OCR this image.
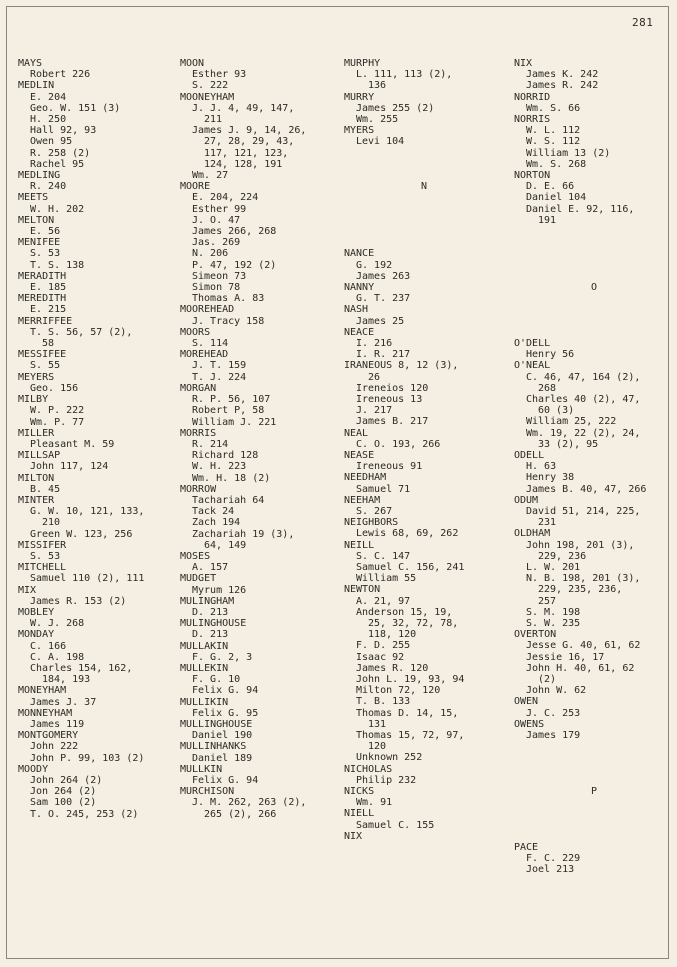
281
MAYS
Robert 226
MEDLIN
E. 204
Geo. W. 151 (3)
H. 250
Hall 92, 93
Owen 95
R. 258 (2)
Rachel 95
MEDLING
R. 240
MEETS
W. H. 202
MELTON
E. 56
MENIFEE
S. 53
T. S. 138
MERADITH
E. 185
MEREDITH
E. 215
MERRIFFEE
T. S. 56, 57 (2),
58
MESSIFEE
S. 55
MEYERS
Geo. 156
MILBY
W. P. 222
Wm. P. 77
MILLER
Pleasant M. 59
MILLSAP
John 117, 124
MILTON
B. 45
MINTER
G. W. 10, 121, 133,
210
Green W. 123, 256
MISSIFER
S. 53
MITCHELL
Samuel 110 (2), 111
MIX
James R. 153 (2)
MOBLEY
W. J. 268
MONDAY
C. 166
C. A. 198
Charles 154, 162,
184, 193
MONEYHAM
James J. 37
MONNEYHAM
James 119
MONTGOMERY
John 222
John P. 99, 103 (2)
MOODY
John 264 (2)
Jon 264 (2)
Sam 100 (2)
T. O. 245, 253 (2)
MOON
Esther 93
S. 222
MOONEYHAM
J. J. 4, 49, 147,
211
James J. 9, 14, 26,
27, 28, 29, 43,
117, 121, 123,
124, 128, 191
Wm. 27
MOORE
E. 204, 224
Esther 99
J. O. 47
James 266, 268
Jas. 269
N. 206
P. 47, 192 (2)
Simeon 73
Simon 78
Thomas A. 83
MOOREHEAD
J. Tracy 158
MOORS
S. 114
MOREHEAD
J. T. 159
T. J. 224
MORGAN
R. P. 56, 107
Robert P, 58
William J. 221
MORRIS
R. 214
Richard 128
W. H. 223
Wm. H. 18 (2)
MORROW
Tachariah 64
Tack 24
Zach 194
Zachariah 19 (3),
64, 149
MOSES
A. 157
MUDGET
Myrum 126
MULINGHAM
D. 213
MULINGHOUSE
D. 213
MULLAKIN
F. G. 2, 3
MULLEKIN
F. G. 10
Felix G. 94
MULLIKIN
Felix G. 95
MULLINGHOUSE
Daniel 190
MULLINHANKS
Daniel 189
MULLKIN
Felix G. 94
MURCHISON
J. M. 262, 263 (2),
265 (2), 266
MURPHY
L. 111, 113 (2),
136
MURRY
James 255 (2)
Wm. 255
MYERS
Levi 104
N
NANCE
G. 192
James 263
NANNY
G. T. 237
NASH
James 25
NEACE
I. 216
I. R. 217
IRANEOUS 8, 12 (3),
26
Ireneios 120
Ireneous 13
J. 217
James B. 217
NEAL
C. O. 193, 266
NEASE
Ireneous 91
NEEDHAM
Samuel 71
NEEHAM
S. 267
NEIGHBORS
Lewis 68, 69, 262
NEILL
S. C. 147
Samuel C. 156, 241
William 55
NEWTON
A. 21, 97
Anderson 15, 19,
25, 32, 72, 78,
118, 120
F. D. 255
Isaac 92
James R. 120
John L. 19, 93, 94
Milton 72, 120
T. B. 133
Thomas D. 14, 15,
131
Thomas 15, 72, 97,
120
Unknown 252
NICHOLAS
Philip 232
NICKS
Wm. 91
NIELL
Samuel C. 155
NIX
NIX
James K. 242
James R. 242
NORRID
Wm. S. 66
NORRIS
W. L. 112
W. S. 112
William 13 (2)
Wm. S. 268
NORTON
D. E. 66
Daniel 104
Daniel E. 92, 116,
191
O
O'DELL
Henry 56
O'NEAL
C. 46, 47, 164 (2),
268
Charles 40 (2), 47,
60 (3)
William 25, 222
Wm. 19, 22 (2), 24,
33 (2), 95
ODELL
H. 63
Henry 38
James B. 40, 47, 266
ODUM
David 51, 214, 225,
231
OLDHAM
John 198, 201 (3),
229, 236
L. W. 201
N. B. 198, 201 (3),
229, 235, 236,
257
S. M. 198
S. W. 235
OVERTON
Jesse G. 40, 61, 62
Jessie 16, 17
John H. 40, 61, 62
(2)
John W. 62
OWEN
J. C. 253
OWENS
James 179
P
PACE
F. C. 229
Joel 213
